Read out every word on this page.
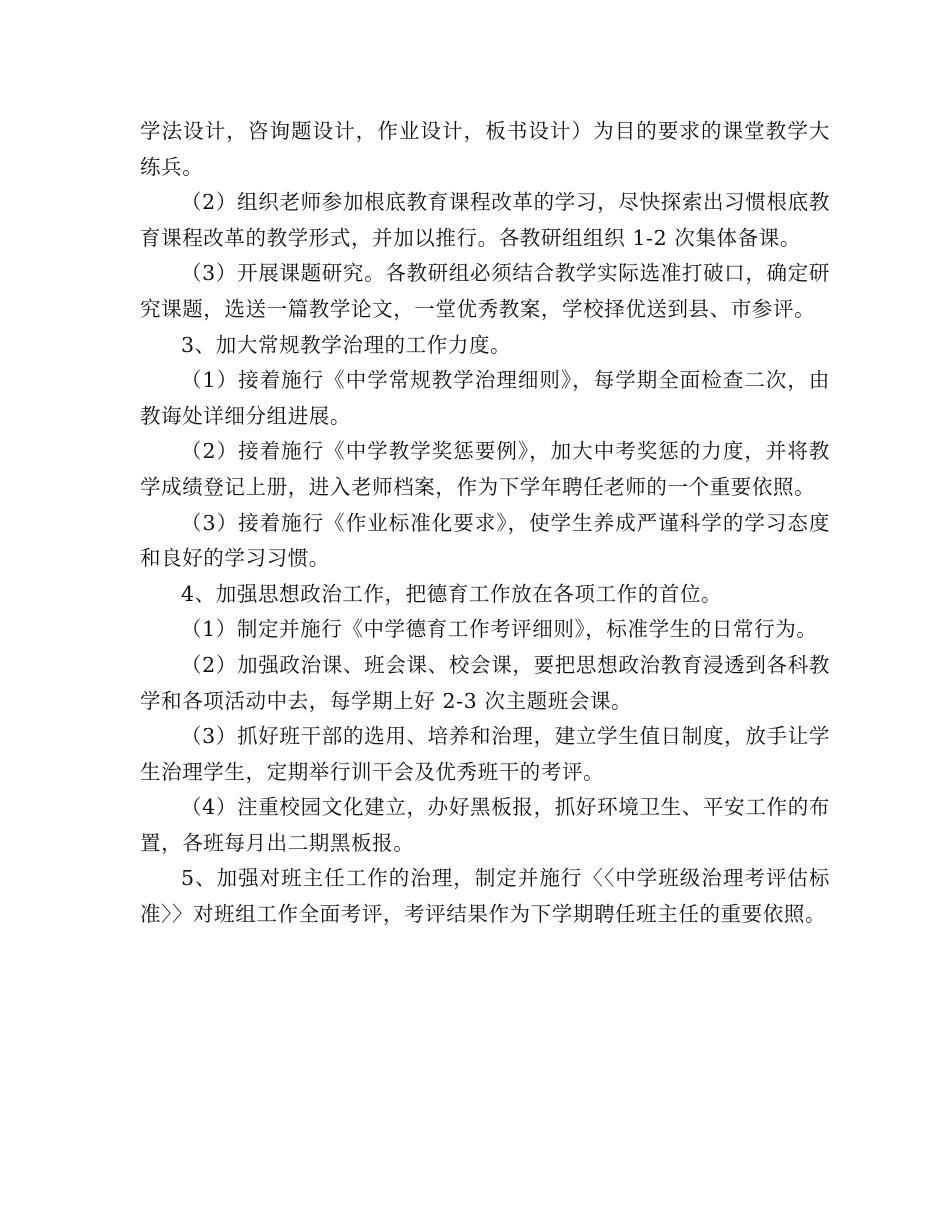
学法设计，咨询题设计，作业设计，板书设计）为目的要求的课堂教学大练兵。

（2）组织老师参加根底教育课程改革的学习，尽快探索出习惯根底教育课程改革的教学形式，并加以推行。各教研组组织 1-2 次集体备课。

（3）开展课题研究。各教研组必须结合教学实际选准打破口，确定研究课题，选送一篇教学论文，一堂优秀教案，学校择优送到县、市参评。

3、加大常规教学治理的工作力度。

（1）接着施行《中学常规教学治理细则》，每学期全面检查二次，由教诲处详细分组进展。

（2）接着施行《中学教学奖惩要例》，加大中考奖惩的力度，并将教学成绩登记上册，进入老师档案，作为下学年聘任老师的一个重要依照。

（3）接着施行《作业标准化要求》，使学生养成严谨科学的学习态度和良好的学习习惯。

4、加强思想政治工作，把德育工作放在各项工作的首位。

（1）制定并施行《中学德育工作考评细则》，标准学生的日常行为。

（2）加强政治课、班会课、校会课，要把思想政治教育浸透到各科教学和各项活动中去，每学期上好 2-3 次主题班会课。

（3）抓好班干部的选用、培养和治理，建立学生值日制度，放手让学生治理学生，定期举行训干会及优秀班干的考评。

（4）注重校园文化建立，办好黑板报，抓好环境卫生、平安工作的布置，各班每月出二期黑板报。

5、加强对班主任工作的治理，制定并施行〈〈中学班级治理考评估标准〉〉对班组工作全面考评，考评结果作为下学期聘任班主任的重要依照。
